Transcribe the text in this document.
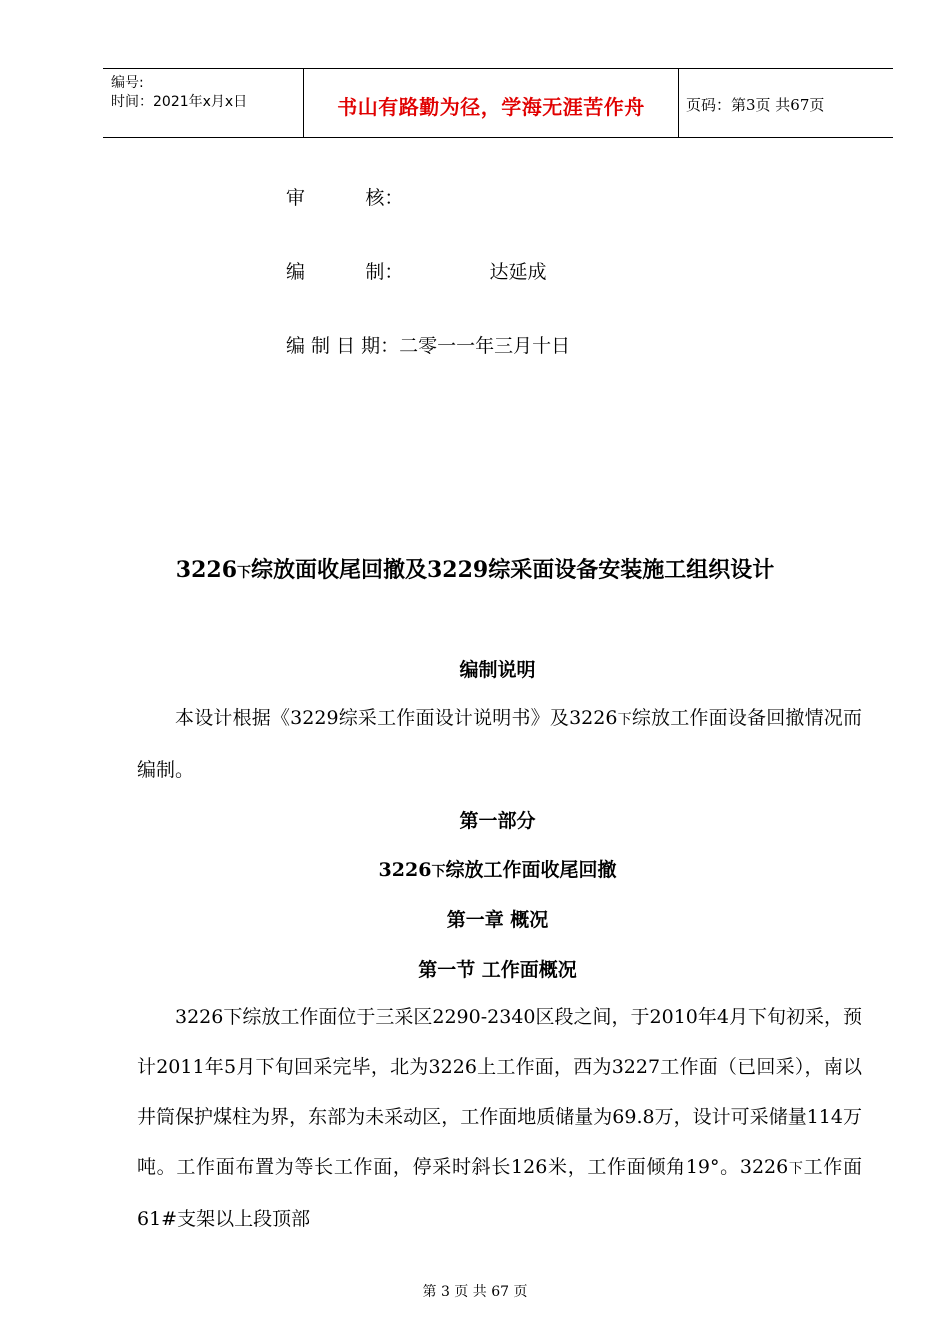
编号:
时间：2021年x月x日	书山有路勤为径，学海无涯苦作舟	页码：第3页 共67页
审          核：
编          制：	达延成
编 制 日 期：二零一一年三月十日
3226下综放面收尾回撤及3229综采面设备安装施工组织设计
编制说明
本设计根据《3229综采工作面设计说明书》及3226下综放工作面设备回撤情况而编制。
第一部分
3226下综放工作面收尾回撤
第一章 概况
第一节 工作面概况
3226下综放工作面位于三采区2290-2340区段之间，于2010年4月下旬初采，预计2011年5月下旬回采完毕，北为3226上工作面，西为3227工作面（已回采），南以井筒保护煤柱为界，东部为未采动区，工作面地质储量为69.8万，设计可采储量114万吨。工作面布置为等长工作面，停采时斜长126米，工作面倾角19°。3226下工作面61#支架以上段顶部
第 3 页 共 67 页
